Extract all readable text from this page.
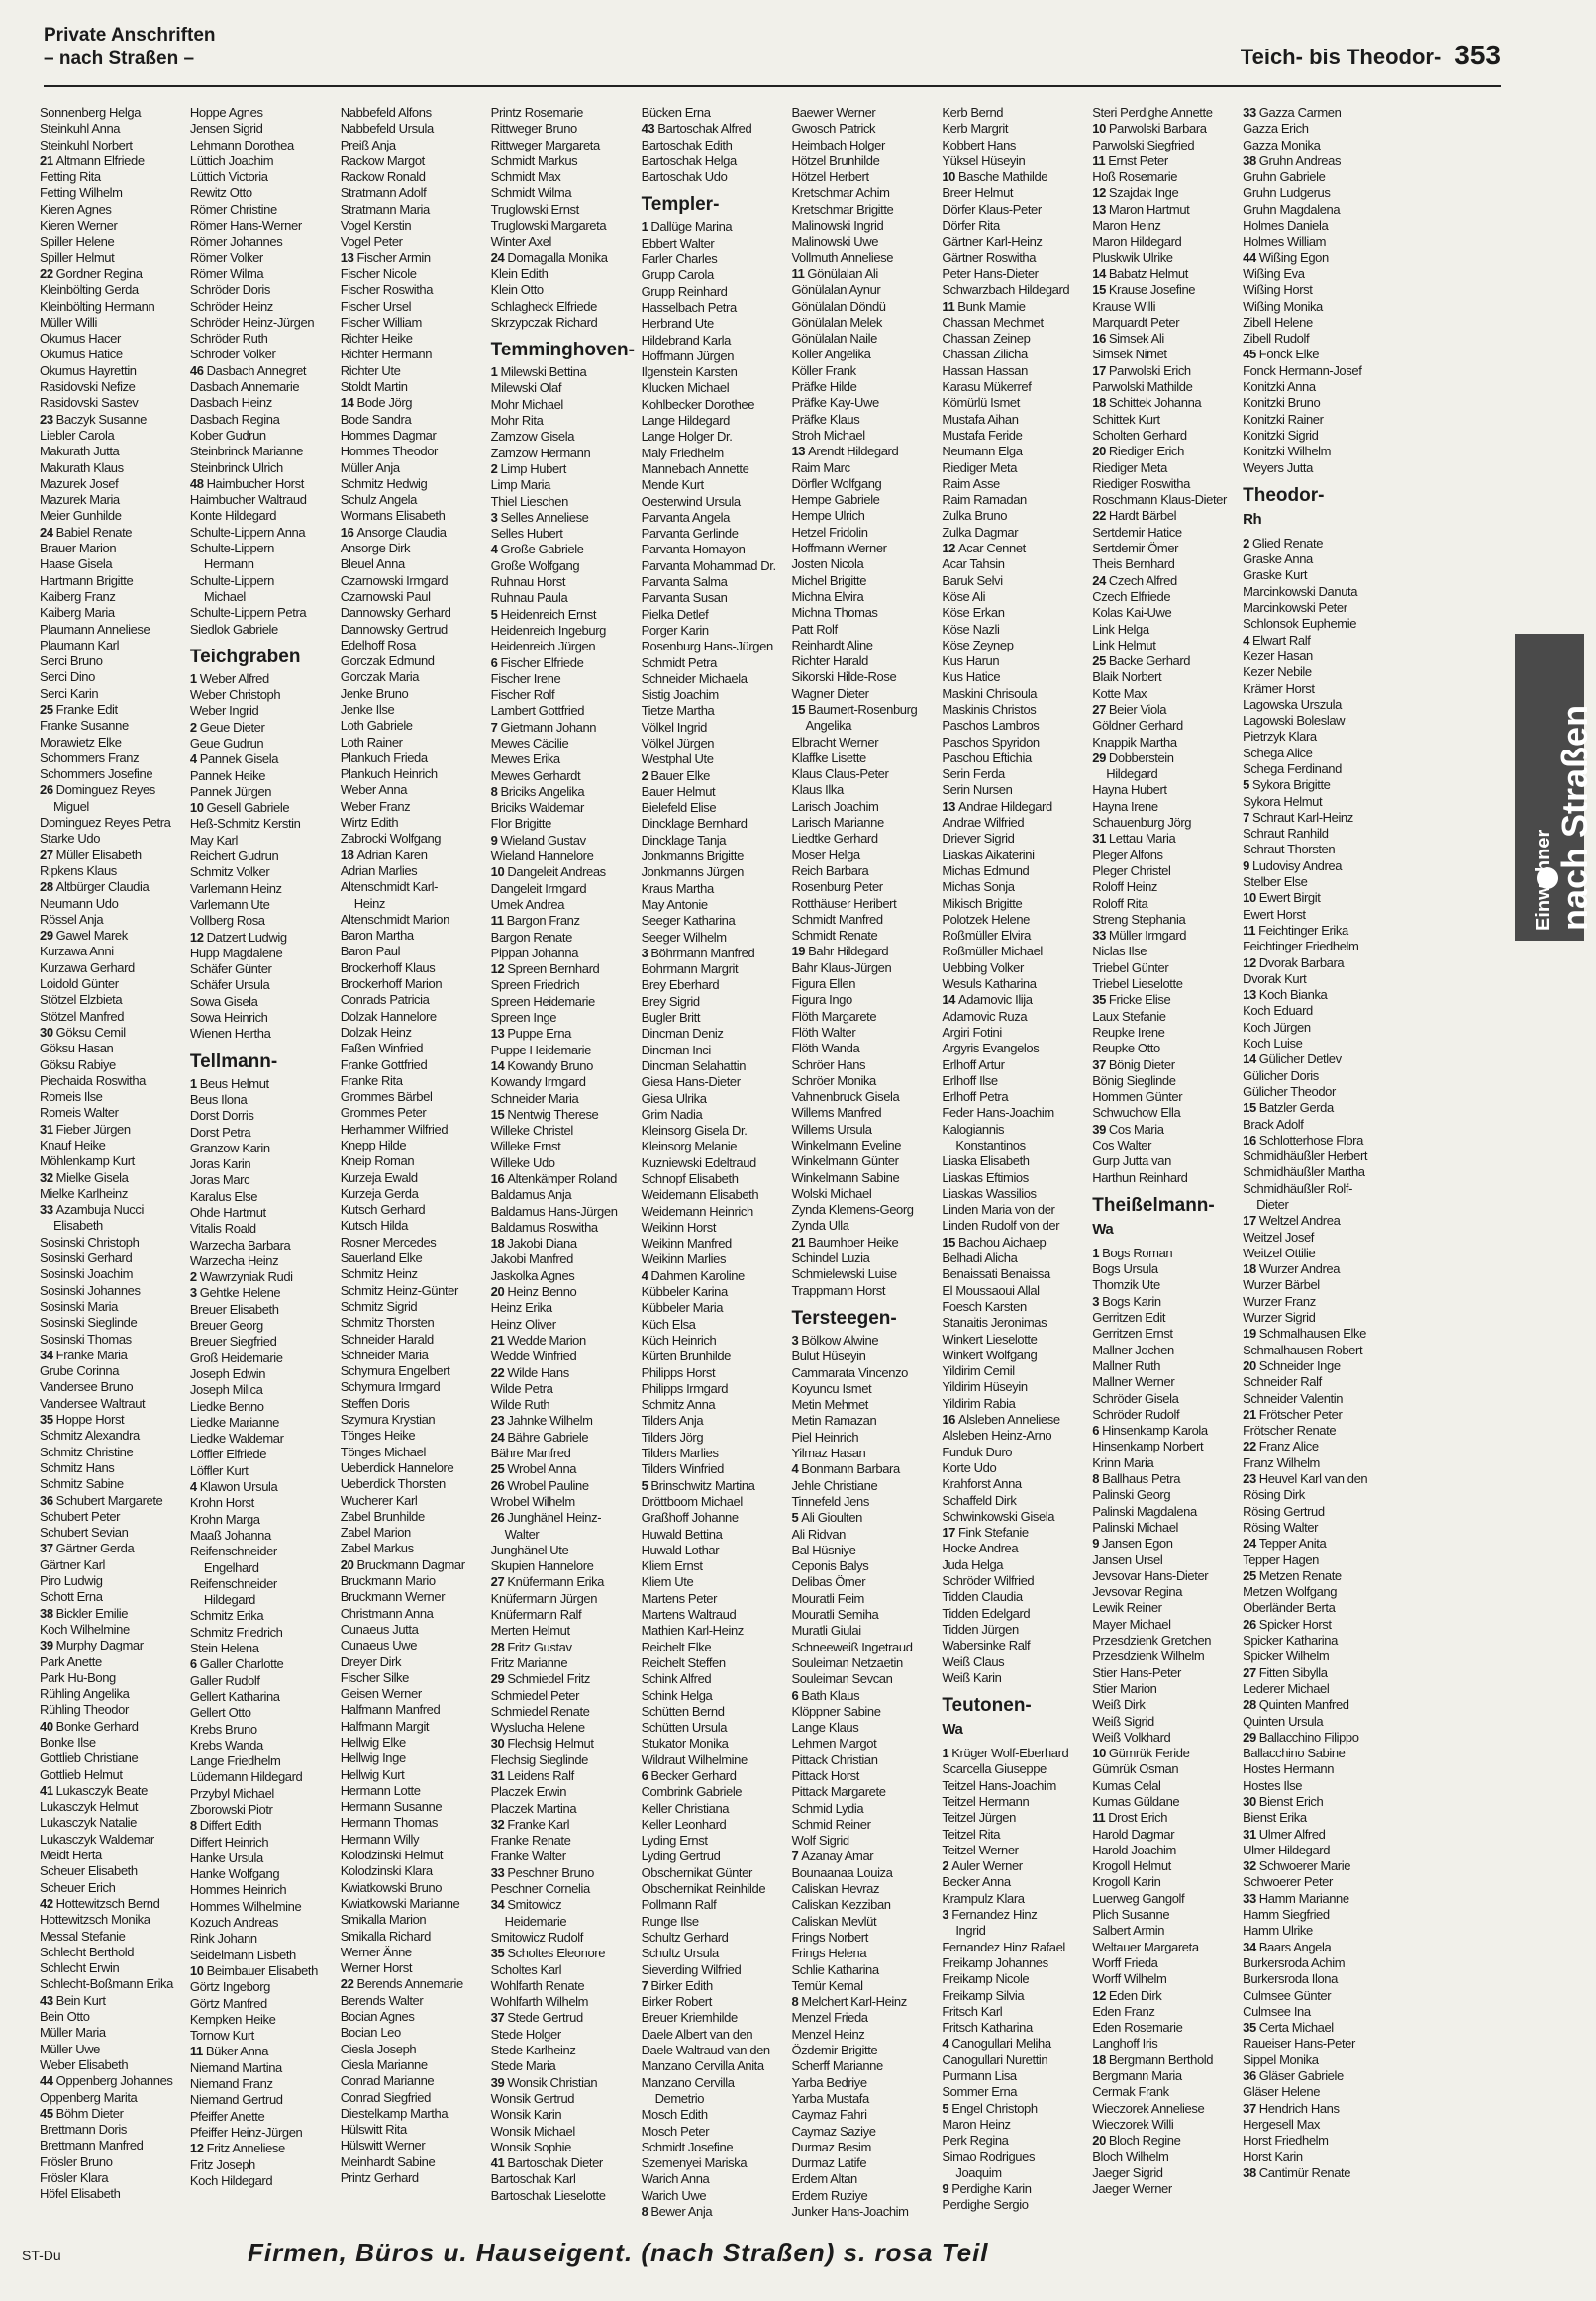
Private Anschriften
– nach Straßen –	Teich- bis Theodor- 353
Sonnenberg Helga
Steinkuhl Anna
Steinkuhl Norbert
21 Altmann Elfriede
Fetting Rita
Fetting Wilhelm
Kieren Agnes
Kieren Werner
Spiller Helene
Spiller Helmut
22 Gordner Regina
Kleinbölting Gerda
Kleinbölting Hermann
Müller Willi
Okumus Hacer
Okumus Hatice
Okumus Hayrettin
Rasidovski Nefize
Rasidovski Sastev
23 Baczyk Susanne
Liebler Carola
Makurath Jutta
Makurath Klaus
Mazurek Josef
Mazurek Maria
Meier Gunhilde
24 Babiel Renate
Brauer Marion
Haase Gisela
Hartmann Brigitte
Kaiberg Franz
Kaiberg Maria
Plaumann Anneliese
Plaumann Karl
Serci Bruno
Serci Dino
Serci Karin
25 Franke Edit
Franke Susanne
Morawietz Elke
Schommers Franz
Schommers Josefine
26 Dominguez Reyes
Miguel
Dominguez Reyes Petra
Starke Udo
27 Müller Elisabeth
Ripkens Klaus
28 Altbürger Claudia
Neumann Udo
Rössel Anja
29 Gawel Marek
Kurzawa Anni
Kurzawa Gerhard
Loidold Günter
Stötzel Elzbieta
Stötzel Manfred
30 Göksu Cemil
Göksu Hasan
Göksu Rabiye
Piechaida Roswitha
Romeis Ilse
Romeis Walter
31 Fieber Jürgen
Knauf Heike
Möhlenkamp Kurt
32 Mielke Gisela
Mielke Karlheinz
33 Azambuja Nucci
Elisabeth
Sosinski Christoph
Sosinski Gerhard
Sosinski Joachim
Sosinski Johannes
Sosinski Maria
Sosinski Sieglinde
Sosinski Thomas
34 Franke Maria
Grube Corinna
Vandersee Bruno
Vandersee Waltraut
35 Hoppe Horst
Schmitz Alexandra
Schmitz Christine
Schmitz Hans
Schmitz Sabine
36 Schubert Margarete
Schubert Peter
Schubert Sevian
37 Gärtner Gerda
Gärtner Karl
Piro Ludwig
Schott Erna
38 Bickler Emilie
Koch Wilhelmine
39 Murphy Dagmar
Park Anette
Park Hu-Bong
Rühling Angelika
Rühling Theodor
40 Bonke Gerhard
Bonke Ilse
Gottlieb Christiane
Gottlieb Helmut
41 Lukasczyk Beate
Lukasczyk Helmut
Lukasczyk Natalie
Lukasczyk Waldemar
Meidt Herta
Scheuer Elisabeth
Scheuer Erich
42 Hottewitzsch Bernd
Hottewitzsch Monika
Messal Stefanie
Schlecht Berthold
Schlecht Erwin
Schlecht-Boßmann Erika
43 Bein Kurt
Bein Otto
Müller Maria
Müller Uwe
Weber Elisabeth
44 Oppenberg Johannes
Oppenberg Marita
45 Böhm Dieter
Brettmann Doris
Brettmann Manfred
Frösler Bruno
Frösler Klara
Höfel Elisabeth
Hoppe Agnes
Jensen Sigrid
Lehmann Dorothea
Lüttich Joachim
Lüttich Victoria
Rewitz Otto
Römer Christine
Römer Hans-Werner
Römer Johannes
Römer Volker
Römer Wilma
Schröder Doris
Schröder Heinz
Schröder Heinz-Jürgen
Schröder Ruth
Schröder Volker
46 Dasbach Annegret
Dasbach Annemarie
Dasbach Heinz
Dasbach Regina
Kober Gudrun
Steinbrinck Marianne
Steinbrinck Ulrich
48 Haimbucher Horst
Haimbucher Waltraud
Konte Hildegard
Schulte-Lippern Anna
Schulte-Lippern
Hermann
Schulte-Lippern
Michael
Schulte-Lippern Petra
Siedlok Gabriele
Teichgraben
1 Weber Alfred
Weber Christoph
Weber Ingrid
2 Geue Dieter
Geue Gudrun
4 Pannek Gisela
Pannek Heike
Pannek Jürgen
10 Gesell Gabriele
Heß-Schmitz Kerstin
May Karl
Reichert Gudrun
Schmitz Volker
Varlemann Heinz
Varlemann Ute
Vollberg Rosa
12 Datzert Ludwig
Hupp Magdalene
Schäfer Günter
Schäfer Ursula
Sowa Gisela
Sowa Heinrich
Wienen Hertha
Tellmann-
1 Beus Helmut
Beus Ilona
Dorst Dorris
Dorst Petra
Granzow Karin
Joras Karin
Joras Marc
Karalus Else
Ohde Hartmut
Vitalis Roald
Warzecha Barbara
Warzecha Heinz
2 Wawrzyniak Rudi
3 Gehtke Helene
Breuer Elisabeth
Breuer Georg
Breuer Siegfried
Groß Heidemarie
Joseph Edwin
Joseph Milica
Liedke Benno
Liedke Marianne
Liedke Waldemar
Löffler Elfriede
Löffler Kurt
4 Klawon Ursula
Krohn Horst
Krohn Marga
Maaß Johanna
Reifenschneider
Engelhard
Reifenschneider
Hildegard
Schmitz Erika
Schmitz Friedrich
Stein Helena
6 Galler Charlotte
Galler Rudolf
Gellert Katharina
Gellert Otto
Krebs Bruno
Krebs Wanda
Lange Friedhelm
Lüdemann Hildegard
Przybyl Michael
Zborowski Piotr
8 Differt Edith
Differt Heinrich
Hanke Ursula
Hanke Wolfgang
Hommes Heinrich
Hommes Wilhelmine
Kozuch Andreas
Rink Johann
Seidelmann Lisbeth
10 Beimbauer Elisabeth
Görtz Ingeborg
Görtz Manfred
Kempken Heike
Tornow Kurt
11 Büker Anna
Niemand Martina
Niemand Franz
Niemand Gertrud
Pfeiffer Anette
Pfeiffer Heinz-Jürgen
12 Fritz Anneliese
Fritz Joseph
Koch Hildegard
Nabbefeld Alfons
Nabbefeld Ursula
Preiß Anja
Rackow Margot
Rackow Ronald
Stratmann Adolf
Stratmann Maria
Vogel Kerstin
Vogel Peter
13 Fischer Armin
Fischer Nicole
Fischer Roswitha
Fischer Ursel
Fischer William
Richter Heike
Richter Hermann
Richter Ute
Stoldt Martin
14 Bode Jörg
Bode Sandra
Hommes Dagmar
Hommes Theodor
Müller Anja
Schmitz Hedwig
Schulz Angela
Wormans Elisabeth
16 Ansorge Claudia
Ansorge Dirk
Bleuel Anna
Czarnowski Irmgard
Czarnowski Paul
Dannowsky Gerhard
Dannowsky Gertrud
Edelhoff Rosa
Gorczak Edmund
Gorczak Maria
Jenke Bruno
Jenke Ilse
Loth Gabriele
Loth Rainer
Plankuch Frieda
Plankuch Heinrich
Weber Anna
Weber Franz
Wirtz Edith
Zabrocki Wolfgang
18 Adrian Karen
Adrian Marlies
Altenschmidt Karl-
Heinz
Altenschmidt Marion
Baron Martha
Baron Paul
Brockerhoff Klaus
Brockerhoff Marion
Conrads Patricia
Dolzak Hannelore
Dolzak Heinz
Faßen Winfried
Franke Gottfried
Franke Rita
Grommes Bärbel
Grommes Peter
Herhammer Wilfried
Knepp Hilde
Kneip Roman
Kurzeja Ewald
Kurzeja Gerda
Kutsch Gerhard
Kutsch Hilda
Rosner Mercedes
Sauerland Elke
Schmitz Heinz
Schmitz Heinz-Günter
Schmitz Sigrid
Schmitz Thorsten
Schneider Harald
Schneider Maria
Schymura Engelbert
Schymura Irmgard
Steffen Doris
Szymura Krystian
Tönges Heike
Tönges Michael
Ueberdick Hannelore
Ueberdick Thorsten
Wucherer Karl
Zabel Brunhilde
Zabel Marion
Zabel Markus
20 Bruckmann Dagmar
Bruckmann Mario
Bruckmann Werner
Christmann Anna
Cunaeus Jutta
Cunaeus Uwe
Dreyer Dirk
Fischer Silke
Geisen Werner
Halfmann Manfred
Halfmann Margit
Hellwig Elke
Hellwig Inge
Hellwig Kurt
Hermann Lotte
Hermann Susanne
Hermann Thomas
Hermann Willy
Kolodzinski Helmut
Kolodzinski Klara
Kwiatkowski Bruno
Kwiatkowski Marianne
Smikalla Marion
Smikalla Richard
Werner Änne
Werner Horst
22 Berends Annemarie
Berends Walter
Bocian Agnes
Bocian Leo
Ciesla Joseph
Ciesla Marianne
Conrad Marianne
Conrad Siegfried
Diestelkamp Martha
Hülswitt Rita
Hülswitt Werner
Meinhardt Sabine
Printz Gerhard
Printz Rosemarie
Rittweger Bruno
Rittweger Margareta
Schmidt Markus
Schmidt Max
Schmidt Wilma
Truglowski Ernst
Truglowski Margareta
Winter Axel
24 Domagalla Monika
Klein Edith
Klein Otto
Schlagheck Elfriede
Skrzypczak Richard
Temminghoven-
1 Milewski Bettina
Milewski Olaf
Mohr Michael
Mohr Rita
Zamzow Gisela
Zamzow Hermann
2 Limp Hubert
Limp Maria
Thiel Lieschen
3 Selles Anneliese
Selles Hubert
4 Große Gabriele
Große Wolfgang
Ruhnau Horst
Ruhnau Paula
5 Heidenreich Ernst
Heidenreich Ingeburg
Heidenreich Jürgen
6 Fischer Elfriede
Fischer Irene
Fischer Rolf
Lambert Gottfried
7 Gietmann Johann
Mewes Cäcilie
Mewes Erika
Mewes Gerhardt
8 Briciks Angelika
Briciks Waldemar
Flor Brigitte
9 Wieland Gustav
Wieland Hannelore
10 Dangeleit Andreas
Dangeleit Irmgard
Umek Andrea
11 Bargon Franz
Bargon Renate
Pippan Johanna
12 Spreen Bernhard
Spreen Friedrich
Spreen Heidemarie
Spreen Inge
13 Puppe Erna
Puppe Heidemarie
14 Kowandy Bruno
Kowandy Irmgard
Schneider Maria
15 Nentwig Therese
Willeke Christel
Willeke Ernst
Willeke Udo
16 Altenkämper Roland
Baldamus Anja
Baldamus Hans-Jürgen
Baldamus Roswitha
18 Jakobi Diana
Jakobi Manfred
Jaskolka Agnes
20 Heinz Benno
Heinz Erika
Heinz Oliver
21 Wedde Marion
Wedde Winfried
22 Wilde Hans
Wilde Petra
Wilde Ruth
23 Jahnke Wilhelm
24 Bähre Gabriele
Bähre Manfred
25 Wrobel Anna
26 Wrobel Pauline
Wrobel Wilhelm
26 Junghänel Heinz-
Walter
Junghänel Ute
Skupien Hannelore
27 Knüfermann Erika
Knüfermann Jürgen
Knüfermann Ralf
Merten Helmut
28 Fritz Gustav
Fritz Marianne
29 Schmiedel Fritz
Schmiedel Peter
Schmiedel Renate
Wyslucha Helene
30 Flechsig Helmut
Flechsig Sieglinde
31 Leidens Ralf
Placzek Erwin
Placzek Martina
32 Franke Karl
Franke Renate
Franke Walter
33 Peschner Bruno
Peschner Cornelia
34 Smitowicz
Heidemarie
Smitowicz Rudolf
35 Scholtes Eleonore
Scholtes Karl
Wohlfarth Renate
Wohlfarth Wilhelm
37 Stede Gertrud
Stede Holger
Stede Karlheinz
Stede Maria
39 Wonsik Christian
Wonsik Gertrud
Wonsik Karin
Wonsik Michael
Wonsik Sophie
41 Bartoschak Dieter
Bartoschak Karl
Bartoschak Lieselotte
Bücken Erna
43 Bartoschak Alfred
Bartoschak Edith
Bartoschak Helga
Bartoschak Udo
Templer-
1 Dallüge Marina
Ebbert Walter
Farler Charles
Grupp Carola
Grupp Reinhard
Hasselbach Petra
Herbrand Ute
Hildebrand Karla
Hoffmann Jürgen
Ilgenstein Karsten
Klucken Michael
Kohlbecker Dorothee
Lange Hildegard
Lange Holger Dr.
Maly Friedhelm
Mannebach Annette
Mende Kurt
Oesterwind Ursula
Parvanta Angela
Parvanta Gerlinde
Parvanta Homayon
Parvanta Mohammad Dr.
Parvanta Salma
Parvanta Susan
Pielka Detlef
Porger Karin
Rosenburg Hans-Jürgen
Schmidt Petra
Schneider Michaela
Sistig Joachim
Tietze Martha
Völkel Ingrid
Völkel Jürgen
Westphal Ute
2 Bauer Elke
Bauer Helmut
Bielefeld Elise
Dincklage Bernhard
Dincklage Tanja
Jonkmanns Brigitte
Jonkmanns Jürgen
Kraus Martha
May Antonie
Seeger Katharina
Seeger Wilhelm
3 Böhrmann Manfred
Bohrmann Margrit
Brey Eberhard
Brey Sigrid
Bugler Britt
Dincman Deniz
Dincman Inci
Dincman Selahattin
Giesa Hans-Dieter
Giesa Ulrika
Grim Nadia
Kleinsorg Gisela Dr.
Kleinsorg Melanie
Kuzniewski Edeltraud
Schnopf Elisabeth
Weidemann Elisabeth
Weidemann Heinrich
Weikinn Horst
Weikinn Manfred
Weikinn Marlies
4 Dahmen Karoline
Kübbeler Karina
Kübbeler Maria
Küch Elsa
Küch Heinrich
Kürten Brunhilde
Philipps Horst
Philipps Irmgard
Schmitz Anna
Tilders Anja
Tilders Jörg
Tilders Marlies
Tilders Winfried
5 Brinschwitz Martina
Dröttboom Michael
Graßhoff Johanne
Huwald Bettina
Huwald Lothar
Kliem Ernst
Kliem Ute
Martens Peter
Martens Waltraud
Mathien Karl-Heinz
Reichelt Elke
Reichelt Steffen
Schink Alfred
Schink Helga
Schütten Bernd
Schütten Ursula
Stukator Monika
Wildraut Wilhelmine
6 Becker Gerhard
Combrink Gabriele
Keller Christiana
Keller Leonhard
Lyding Ernst
Lyding Gertrud
Obschernikat Günter
Obschernikat Reinhilde
Pollmann Ralf
Runge Ilse
Schultz Gerhard
Schultz Ursula
Sieverding Wilfried
7 Birker Edith
Birker Robert
Breuer Kriemhilde
Daele Albert van den
Daele Waltraud van den
Manzano Cervilla Anita
Manzano Cervilla
Demetrio
Mosch Edith
Mosch Peter
Schmidt Josefine
Szemenyei Mariska
Warich Anna
Warich Uwe
8 Bewer Anja
Baewer Werner
Gwosch Patrick
Heimbach Holger
Hötzel Brunhilde
Hötzel Herbert
Kretschmar Achim
Kretschmar Brigitte
Malinowski Ingrid
Malinowski Uwe
Vollmuth Anneliese
11 Gönülalan Ali
Gönülalan Aynur
Gönülalan Döndü
Gönülalan Melek
Gönülalan Naile
Köller Angelika
Köller Frank
Präfke Hilde
Präfke Kay-Uwe
Präfke Klaus
Stroh Michael
13 Arendt Hildegard
Raim Marc
Dörfler Wolfgang
Hempe Gabriele
Hempe Ulrich
Hetzel Fridolin
Hoffmann Werner
Josten Nicola
Michel Brigitte
Michna Elvira
Michna Thomas
Patt Rolf
Reinhardt Aline
Richter Harald
Sikorski Hilde-Rose
Wagner Dieter
15 Baumert-Rosenburg
Angelika
Elbracht Werner
Klaffke Lisette
Klaus Claus-Peter
Klaus Ilka
Larisch Joachim
Larisch Marianne
Liedtke Gerhard
Moser Helga
Reich Barbara
Rosenburg Peter
Rotthäuser Heribert
Schmidt Manfred
Schmidt Renate
19 Bahr Hildegard
Bahr Klaus-Jürgen
Figura Ellen
Figura Ingo
Flöth Margarete
Flöth Walter
Flöth Wanda
Schröer Hans
Schröer Monika
Vahnenbruck Gisela
Willems Manfred
Willems Ursula
Winkelmann Eveline
Winkelmann Günter
Winkelmann Sabine
Wolski Michael
Zynda Klemens-Georg
Zynda Ulla
21 Baumhoer Heike
Schindel Luzia
Schmielewski Luise
Trappmann Horst
Tersteegen-
3 Bölkow Alwine
Bulut Hüseyin
Cammarata Vincenzo
Koyuncu Ismet
Metin Mehmet
Metin Ramazan
Piel Heinrich
Yilmaz Hasan
4 Bonmann Barbara
Jehle Christiane
Tinnefeld Jens
5 Ali Gioulten
Ali Ridvan
Bal Hüsniye
Ceponis Balys
Delibas Ömer
Mouratli Feim
Mouratli Semiha
Muratli Giulai
Schneeweiß Ingetraud
Souleiman Netzaetin
Souleiman Sevcan
6 Bath Klaus
Klöppner Sabine
Lange Klaus
Lehmen Margot
Pittack Christian
Pittack Horst
Pittack Margarete
Schmid Lydia
Schmid Reiner
Wolf Sigrid
7 Azanay Amar
Bounaanaa Louiza
Caliskan Hevraz
Caliskan Kezziban
Caliskan Mevlüt
Frings Norbert
Frings Helena
Schlie Katharina
Temür Kemal
8 Melchert Karl-Heinz
Menzel Frieda
Menzel Heinz
Özdemir Brigitte
Scherff Marianne
Yarba Bedriye
Yarba Mustafa
Caymaz Fahri
Caymaz Saziye
Durmaz Besim
Durmaz Latife
Erdem Altan
Erdem Ruziye
Junker Hans-Joachim
Kerb Bernd
Kerb Margrit
Kobbert Hans
Yüksel Hüseyin
10 Basche Mathilde
Breer Helmut
Dörfer Klaus-Peter
Dörfer Rita
Gärtner Karl-Heinz
Gärtner Roswitha
Peter Hans-Dieter
Schwarzbach Hildegard
11 Bunk Mamie
Chassan Mechmet
Chassan Zeinep
Chassan Zilicha
Hassan Hassan
Karasu Mükerref
Kömürlü Ismet
Mustafa Aihan
Mustafa Feride
Neumann Elga
Riediger Meta
Raim Asse
Raim Ramadan
Zulka Bruno
Zulka Dagmar
12 Acar Cennet
Acar Tahsin
Baruk Selvi
Köse Ali
Köse Erkan
Köse Nazli
Köse Zeynep
Kus Harun
Kus Hatice
Maskini Chrisoula
Maskinis Christos
Paschos Lambros
Paschos Spyridon
Paschou Eftichia
Serin Ferda
Serin Nursen
13 Andrae Hildegard
Andrae Wilfried
Driever Sigrid
Liaskas Aikaterini
Michas Edmund
Michas Sonja
Mikisch Brigitte
Polotzek Helene
Roßmüller Elvira
Roßmüller Michael
Uebbing Volker
Wesuls Katharina
14 Adamovic Ilija
Adamovic Ruza
Argiri Fotini
Argyris Evangelos
Erlhoff Artur
Erlhoff Ilse
Erlhoff Petra
Feder Hans-Joachim
Kalogiannis
Konstantinos
Liaska Elisabeth
Liaskas Eftimios
Liaskas Wassilios
Linden Maria von der
Linden Rudolf von der
15 Bachou Aichaep
Belhadi Alicha
Benaissati Benaissa
El Moussaoui Allal
Foesch Karsten
Stanaitis Jeronimas
Winkert Lieselotte
Winkert Wolfgang
Yildirim Cemil
Yildirim Hüseyin
Yildirim Rabia
16 Alsleben Anneliese
Alsleben Heinz-Arno
Funduk Duro
Korte Udo
Krahforst Anna
Schaffeld Dirk
Schwinkowski Gisela
17 Fink Stefanie
Hocke Andrea
Juda Helga
Schröder Wilfried
Tidden Claudia
Tidden Edelgard
Tidden Jürgen
Wabersinke Ralf
Weiß Claus
Weiß Karin
Teutonen-
Wa
1 Krüger Wolf-Eberhard
Scarcella Giuseppe
Teitzel Hans-Joachim
Teitzel Hermann
Teitzel Jürgen
Teitzel Rita
Teitzel Werner
2 Auler Werner
Becker Anna
Krampulz Klara
3 Fernandez Hinz
Ingrid
Fernandez Hinz Rafael
Freikamp Johannes
Freikamp Nicole
Freikamp Silvia
Fritsch Karl
Fritsch Katharina
4 Canogullari Meliha
Canogullari Nurettin
Purmann Lisa
Sommer Erna
5 Engel Christoph
Maron Heinz
Perk Regina
Simao Rodrigues
Joaquim
9 Perdighe Karin
Perdighe Sergio
Steri Perdighe Annette
10 Parwolski Barbara
Parwolski Siegfried
11 Ernst Peter
Hoß Rosemarie
12 Szajdak Inge
13 Maron Hartmut
Maron Heinz
Maron Hildegard
Pluskwik Ulrike
14 Babatz Helmut
15 Krause Josefine
Krause Willi
Marquardt Peter
16 Simsek Ali
Simsek Nimet
17 Parwolski Erich
Parwolski Mathilde
18 Schittek Johanna
Schittek Kurt
Scholten Gerhard
20 Riediger Erich
Riediger Meta
Riediger Roswitha
Roschmann Klaus-Dieter
22 Hardt Bärbel
Sertdemir Hatice
Sertdemir Ömer
Theis Bernhard
24 Czech Alfred
Czech Elfriede
Kolas Kai-Uwe
Link Helga
Link Helmut
25 Backe Gerhard
Blaik Norbert
Kotte Max
27 Beier Viola
Göldner Gerhard
Knappik Martha
29 Dobberstein
Hildegard
Hayna Hubert
Hayna Irene
Schauenburg Jörg
31 Lettau Maria
Pleger Alfons
Pleger Christel
Roloff Heinz
Roloff Rita
Streng Stephania
33 Müller Irmgard
Niclas Ilse
Triebel Günter
Triebel Lieselotte
35 Fricke Elise
Laux Stefanie
Reupke Irene
Reupke Otto
37 Bönig Dieter
Bönig Sieglinde
Hommen Günter
Schwuchow Ella
39 Cos Maria
Cos Walter
Gurp Jutta van
Harthun Reinhard
Theißelmann-
Wa
1 Bogs Roman
Bogs Ursula
Thomzik Ute
3 Bogs Karin
Gerritzen Edit
Gerritzen Ernst
Mallner Jochen
Mallner Ruth
Mallner Werner
Schröder Gisela
Schröder Rudolf
6 Hinsenkamp Karola
Hinsenkamp Norbert
Krinn Maria
8 Ballhaus Petra
Palinski Georg
Palinski Magdalena
Palinski Michael
9 Jansen Egon
Jansen Ursel
Jevsovar Hans-Dieter
Jevsovar Regina
Lewik Reiner
Mayer Michael
Przesdzienk Gretchen
Przesdzienk Wilhelm
Stier Hans-Peter
Stier Marion
Weiß Dirk
Weiß Sigrid
Weiß Volkhard
10 Gümrük Feride
Gümrük Osman
Kumas Celal
Kumas Güldane
11 Drost Erich
Harold Dagmar
Harold Joachim
Krogoll Helmut
Krogoll Karin
Luerweg Gangolf
Plich Susanne
Salbert Armin
Weltauer Margareta
Worff Frieda
Worff Wilhelm
12 Eden Dirk
Eden Franz
Eden Rosemarie
Langhoff Iris
18 Bergmann Berthold
Bergmann Maria
Cermak Frank
Wieczorek Anneliese
Wieczorek Willi
20 Bloch Regine
Bloch Wilhelm
Jaeger Sigrid
Jaeger Werner
33 Gazza Carmen
Gazza Erich
Gazza Monika
38 Gruhn Andreas
Gruhn Gabriele
Gruhn Ludgerus
Gruhn Magdalena
Holmes Daniela
Holmes William
44 Wißing Egon
Wißing Eva
Wißing Horst
Wißing Monika
Zibell Helene
Zibell Rudolf
45 Fonck Elke
Fonck Hermann-Josef
Konitzki Anna
Konitzki Bruno
Konitzki Rainer
Konitzki Sigrid
Konitzki Wilhelm
Weyers Jutta
Theodor-
Rh
2 Glied Renate
Graske Anna
Graske Kurt
Marcinkowski Danuta
Marcinkowski Peter
Schlonsok Euphemie
4 Elwart Ralf
Kezer Hasan
Kezer Nebile
Krämer Horst
Lagowska Urszula
Lagowski Boleslaw
Pietrzyk Klara
Schega Alice
Schega Ferdinand
5 Sykora Brigitte
Sykora Helmut
7 Schraut Karl-Heinz
Schraut Ranhild
Schraut Thorsten
9 Ludovisy Andrea
Stelber Else
10 Ewert Birgit
Ewert Horst
11 Feichtinger Erika
Feichtinger Friedhelm
12 Dvorak Barbara
Dvorak Kurt
13 Koch Bianka
Koch Eduard
Koch Jürgen
Koch Luise
14 Gülicher Detlev
Gülicher Doris
Gülicher Theodor
15 Batzler Gerda
Brack Adolf
16 Schlotterhose Flora
Schmidhäußler Herbert
Schmidhäußler Martha
Schmidhäußler Rolf-
Dieter
17 Weltzel Andrea
Weitzel Josef
Weitzel Ottilie
18 Wurzer Andrea
Wurzer Bärbel
Wurzer Franz
Wurzer Sigrid
19 Schmalhausen Elke
Schmalhausen Robert
20 Schneider Inge
Schneider Ralf
Schneider Valentin
21 Frötscher Peter
Frötscher Renate
22 Franz Alice
Franz Wilhelm
23 Heuvel Karl van den
Rösing Dirk
Rösing Gertrud
Rösing Walter
24 Tepper Anita
Tepper Hagen
25 Metzen Renate
Metzen Wolfgang
Oberländer Berta
26 Spicker Horst
Spicker Katharina
Spicker Wilhelm
27 Fitten Sibylla
Lederer Michael
28 Quinten Manfred
Quinten Ursula
29 Ballacchino Filippo
Ballacchino Sabine
Hostes Hermann
Hostes Ilse
30 Bienst Erich
Bienst Erika
31 Ulmer Alfred
Ulmer Hildegard
32 Schwoerer Marie
Schwoerer Peter
33 Hamm Marianne
Hamm Siegfried
Hamm Ulrike
34 Baars Angela
Burkersroda Achim
Burkersroda Ilona
Culmsee Günter
Culmsee Ina
35 Certa Michael
Raueiser Hans-Peter
Sippel Monika
36 Gläser Gabriele
Gläser Helene
37 Hendrich Hans
Hergesell Max
Horst Friedhelm
Horst Karin
38 Cantimür Renate
Einwohner nach Straßen
ST-Du	Firmen, Büros u. Hauseigent. (nach Straßen) s. rosa Teil
